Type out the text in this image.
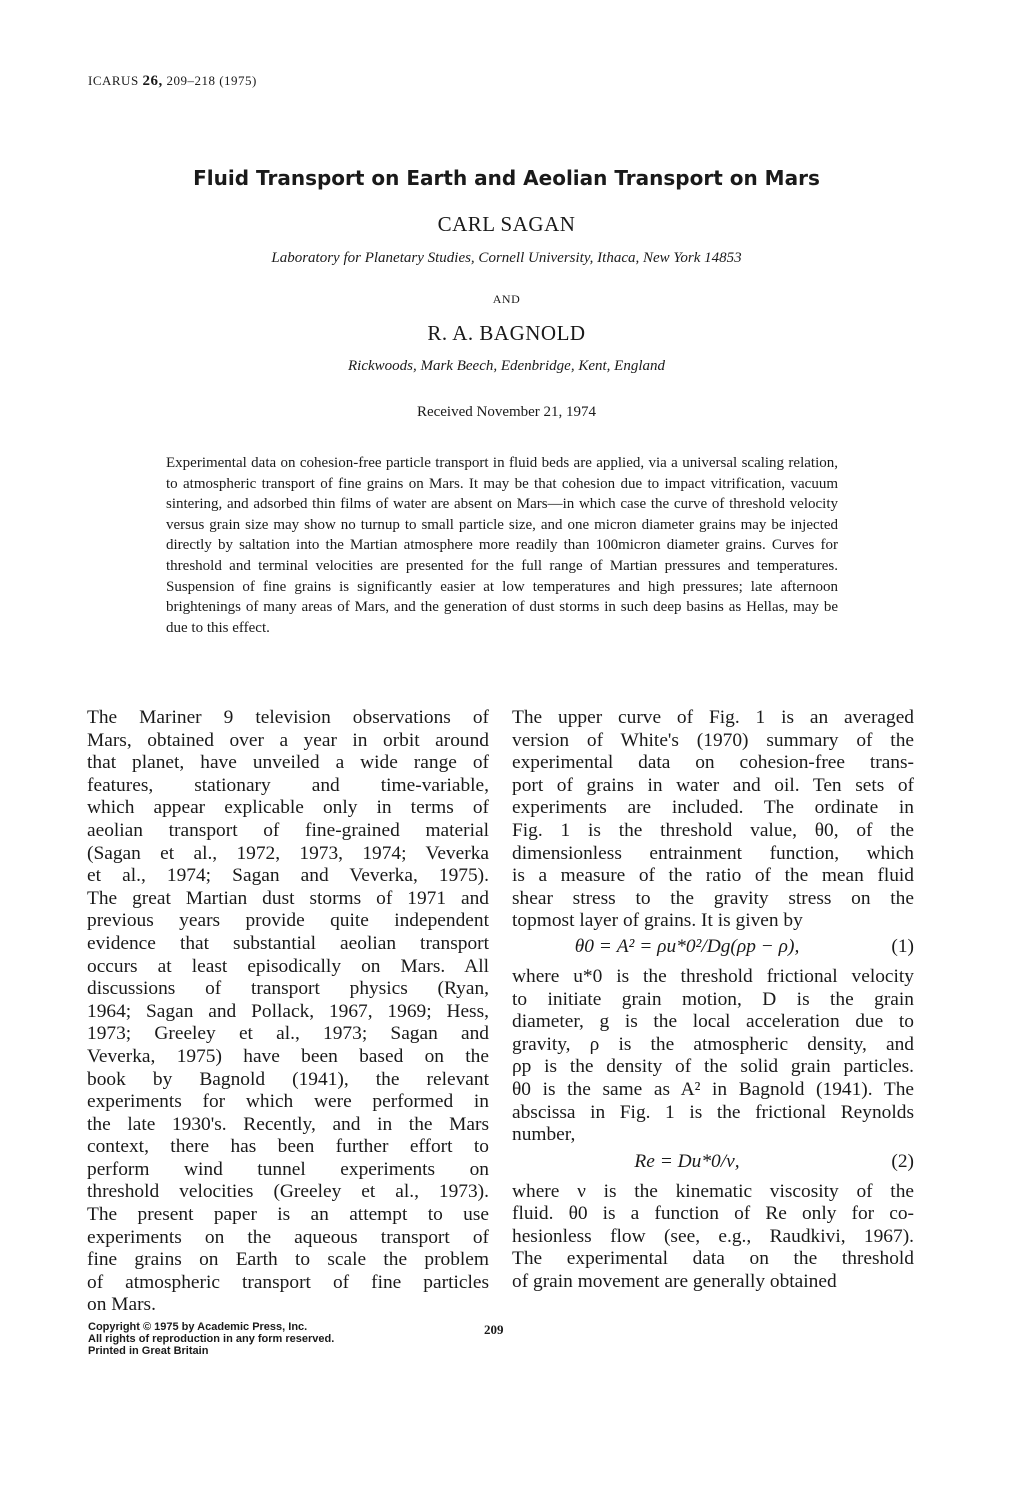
ICARUS 26, 209–218 (1975)
Fluid Transport on Earth and Aeolian Transport on Mars
CARL SAGAN
Laboratory for Planetary Studies, Cornell University, Ithaca, New York 14853
AND
R. A. BAGNOLD
Rickwoods, Mark Beech, Edenbridge, Kent, England
Received November 21, 1974
Experimental data on cohesion-free particle transport in fluid beds are applied, via a universal scaling relation, to atmospheric transport of fine grains on Mars. It may be that cohesion due to impact vitrification, vacuum sintering, and adsorbed thin films of water are absent on Mars—in which case the curve of threshold velocity versus grain size may show no turnup to small particle size, and one micron diameter grains may be injected directly by saltation into the Martian atmosphere more readily than 100micron diameter grains. Curves for threshold and terminal velocities are presented for the full range of Martian pressures and temperatures. Suspension of fine grains is significantly easier at low temperatures and high pressures; late afternoon brightenings of many areas of Mars, and the generation of dust storms in such deep basins as Hellas, may be due to this effect.
The Mariner 9 television observations of
Mars, obtained over a year in orbit around
that planet, have unveiled a wide range of
features, stationary and time-variable,
which appear explicable only in terms of
aeolian transport of fine-grained material
(Sagan et al., 1972, 1973, 1974; Veverka
et al., 1974; Sagan and Veverka, 1975).
The great Martian dust storms of 1971 and
previous years provide quite independent
evidence that substantial aeolian transport
occurs at least episodically on Mars. All
discussions of transport physics (Ryan,
1964; Sagan and Pollack, 1967, 1969; Hess,
1973; Greeley et al., 1973; Sagan and
Veverka, 1975) have been based on the
book by Bagnold (1941), the relevant
experiments for which were performed in
the late 1930's. Recently, and in the Mars
context, there has been further effort to
perform wind tunnel experiments on
threshold velocities (Greeley et al., 1973).
The present paper is an attempt to use
experiments on the aqueous transport of
fine grains on Earth to scale the problem
of atmospheric transport of fine particles
on Mars.
The upper curve of Fig. 1 is an averaged
version of White's (1970) summary of the
experimental data on cohesion-free trans-
port of grains in water and oil. Ten sets of
experiments are included. The ordinate in
Fig. 1 is the threshold value, θ0, of the
dimensionless entrainment function, which
is a measure of the ratio of the mean fluid
shear stress to the gravity stress on the
topmost layer of grains. It is given by
θ0 = A² = ρu*0²/Dg(ρp − ρ),	(1)
where u*0 is the threshold frictional velocity
to initiate grain motion, D is the grain
diameter, g is the local acceleration due to
gravity, ρ is the atmospheric density, and
ρp is the density of the solid grain particles.
θ0 is the same as A² in Bagnold (1941). The
abscissa in Fig. 1 is the frictional Reynolds
number,
Re = Du*0/ν,	(2)
where ν is the kinematic viscosity of the
fluid. θ0 is a function of Re only for co-
hesionless flow (see, e.g., Raudkivi, 1967).
The experimental data on the threshold
of grain movement are generally obtained
Copyright © 1975 by Academic Press, Inc.
All rights of reproduction in any form reserved.
Printed in Great Britain
209
